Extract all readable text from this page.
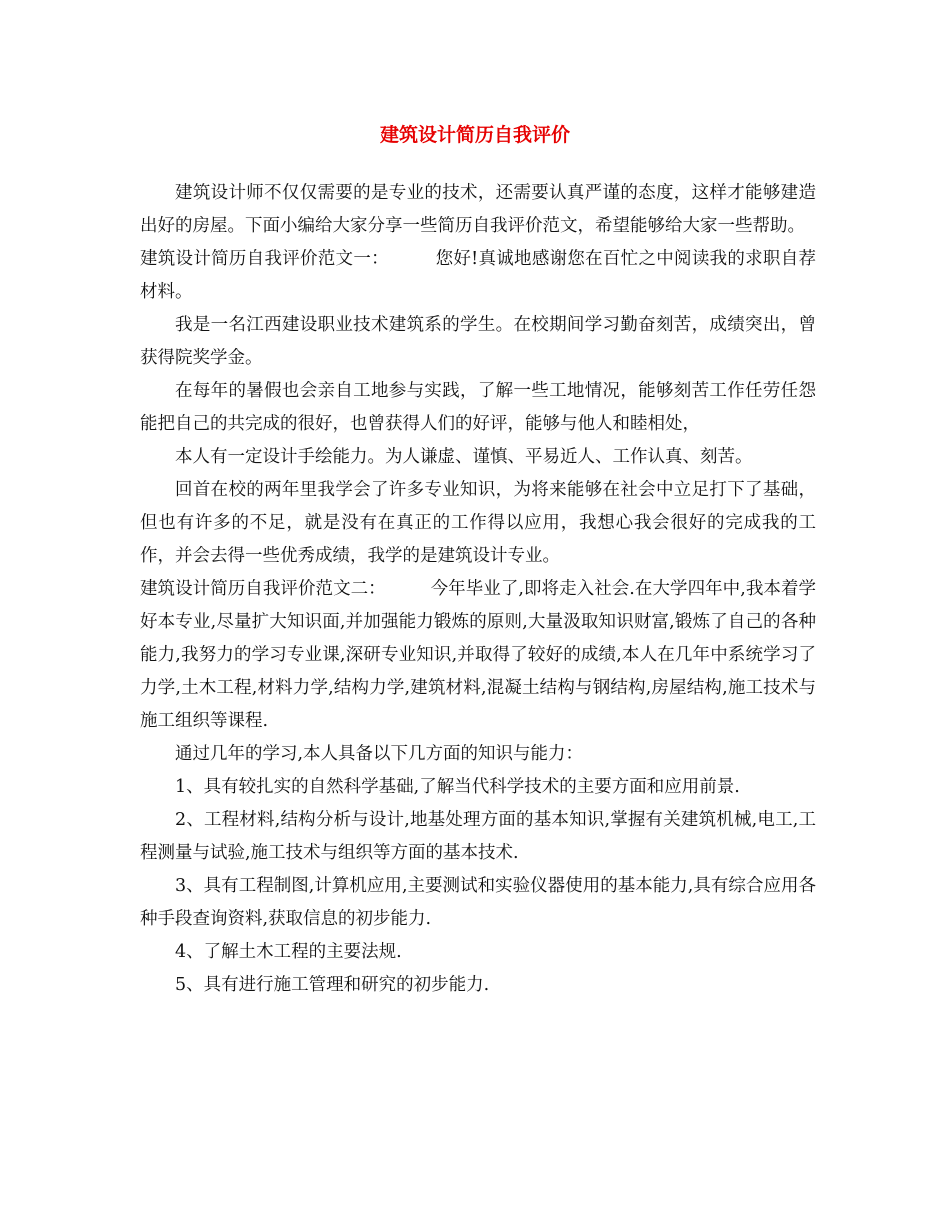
建筑设计简历自我评价

建筑设计师不仅仅需要的是专业的技术，还需要认真严谨的态度，这样才能够建造出好的房屋。下面小编给大家分享一些简历自我评价范文，希望能够给大家一些帮助。

建筑设计简历自我评价范文一：        您好!真诚地感谢您在百忙之中阅读我的求职自荐材料。

我是一名江西建设职业技术建筑系的学生。在校期间学习勤奋刻苦，成绩突出，曾获得院奖学金。

在每年的暑假也会亲自工地参与实践，了解一些工地情况，能够刻苦工作任劳任怨能把自己的共完成的很好，也曾获得人们的好评，能够与他人和睦相处，

本人有一定设计手绘能力。为人谦虚、谨慎、平易近人、工作认真、刻苦。

回首在校的两年里我学会了许多专业知识，为将来能够在社会中立足打下了基础，但也有许多的不足，就是没有在真正的工作得以应用，我想心我会很好的完成我的工作，并会去得一些优秀成绩，我学的是建筑设计专业。

建筑设计简历自我评价范文二：        今年毕业了,即将走入社会.在大学四年中,我本着学好本专业,尽量扩大知识面,并加强能力锻炼的原则,大量汲取知识财富,锻炼了自己的各种能力,我努力的学习专业课,深研专业知识,并取得了较好的成绩,本人在几年中系统学习了力学,土木工程,材料力学,结构力学,建筑材料,混凝土结构与钢结构,房屋结构,施工技术与施工组织等课程.

通过几年的学习,本人具备以下几方面的知识与能力：

1、具有较扎实的自然科学基础,了解当代科学技术的主要方面和应用前景.

2、工程材料,结构分析与设计,地基处理方面的基本知识,掌握有关建筑机械,电工,工程测量与试验,施工技术与组织等方面的基本技术.

3、具有工程制图,计算机应用,主要测试和实验仪器使用的基本能力,具有综合应用各种手段查询资料,获取信息的初步能力.

4、了解土木工程的主要法规.

5、具有进行施工管理和研究的初步能力.
